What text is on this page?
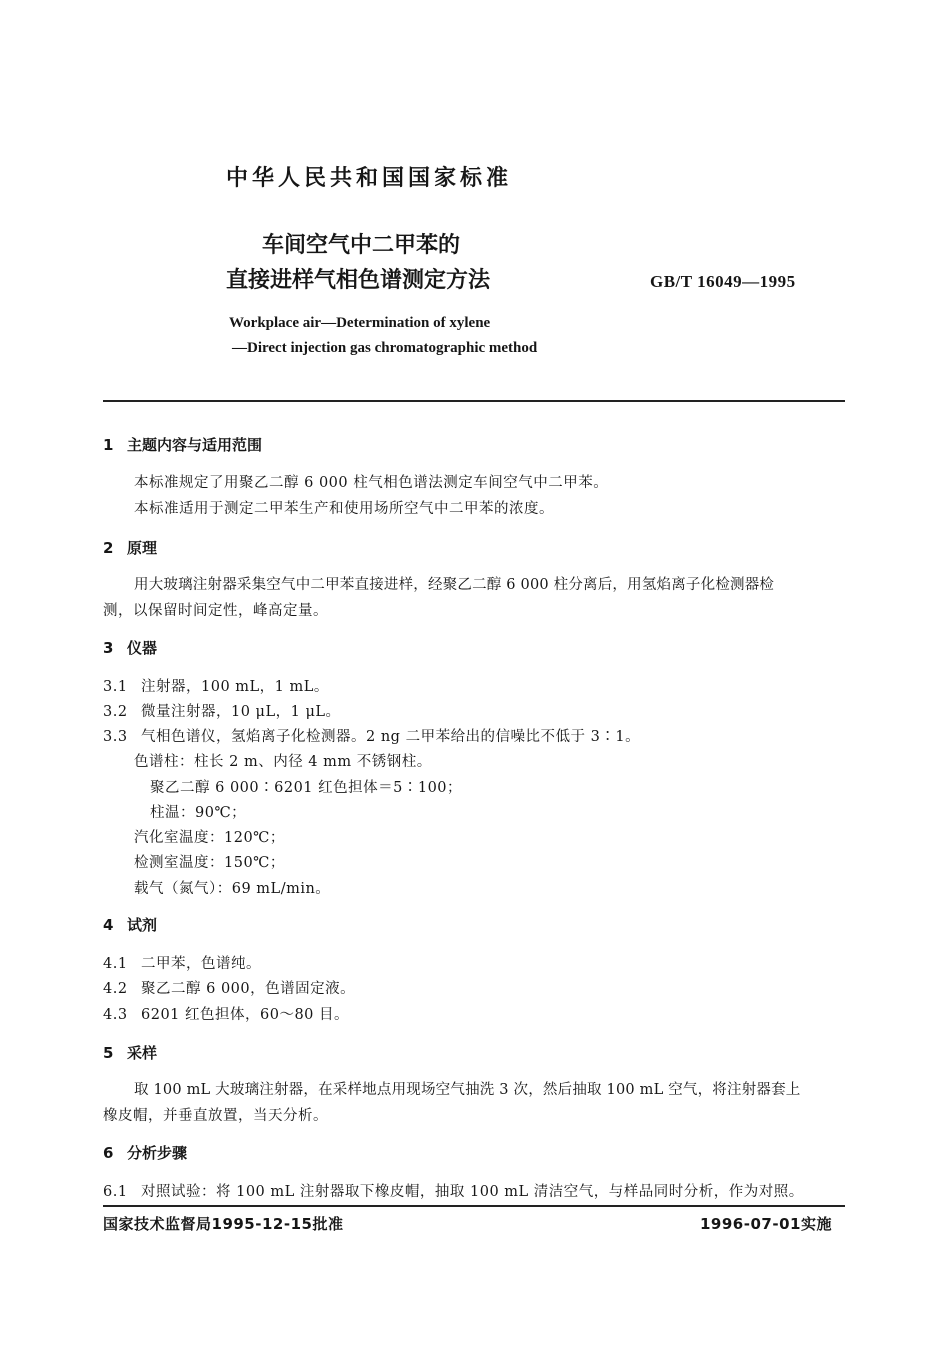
中华人民共和国国家标准
车间空气中二甲苯的
直接进样气相色谱测定方法	GB/T 16049—1995
Workplace air—Determination of xylene
—Direct injection gas chromatographic method
1 主题内容与适用范围
本标准规定了用聚乙二醇 6 000 柱气相色谱法测定车间空气中二甲苯。
本标准适用于测定二甲苯生产和使用场所空气中二甲苯的浓度。
2 原理
用大玻璃注射器采集空气中二甲苯直接进样，经聚乙二醇 6 000 柱分离后，用氢焰离子化检测器检
测，以保留时间定性，峰高定量。
3 仪器
3.1 注射器，100 mL，1 mL。
3.2 微量注射器，10 μL，1 μL。
3.3 气相色谱仪，氢焰离子化检测器。2 ng 二甲苯给出的信噪比不低于 3∶1。
色谱柱：柱长 2 m、内径 4 mm 不锈钢柱。
聚乙二醇 6 000∶6201 红色担体＝5∶100；
柱温：90℃；
汽化室温度：120℃；
检测室温度：150℃；
载气（氮气）：69 mL/min。
4 试剂
4.1 二甲苯，色谱纯。
4.2 聚乙二醇 6 000，色谱固定液。
4.3 6201 红色担体，60～80 目。
5 采样
取 100 mL 大玻璃注射器，在采样地点用现场空气抽洗 3 次，然后抽取 100 mL 空气，将注射器套上
橡皮帽，并垂直放置，当天分析。
6 分析步骤
6.1 对照试验：将 100 mL 注射器取下橡皮帽，抽取 100 mL 清洁空气，与样品同时分析，作为对照。
国家技术监督局1995-12-15批准	1996-07-01实施
